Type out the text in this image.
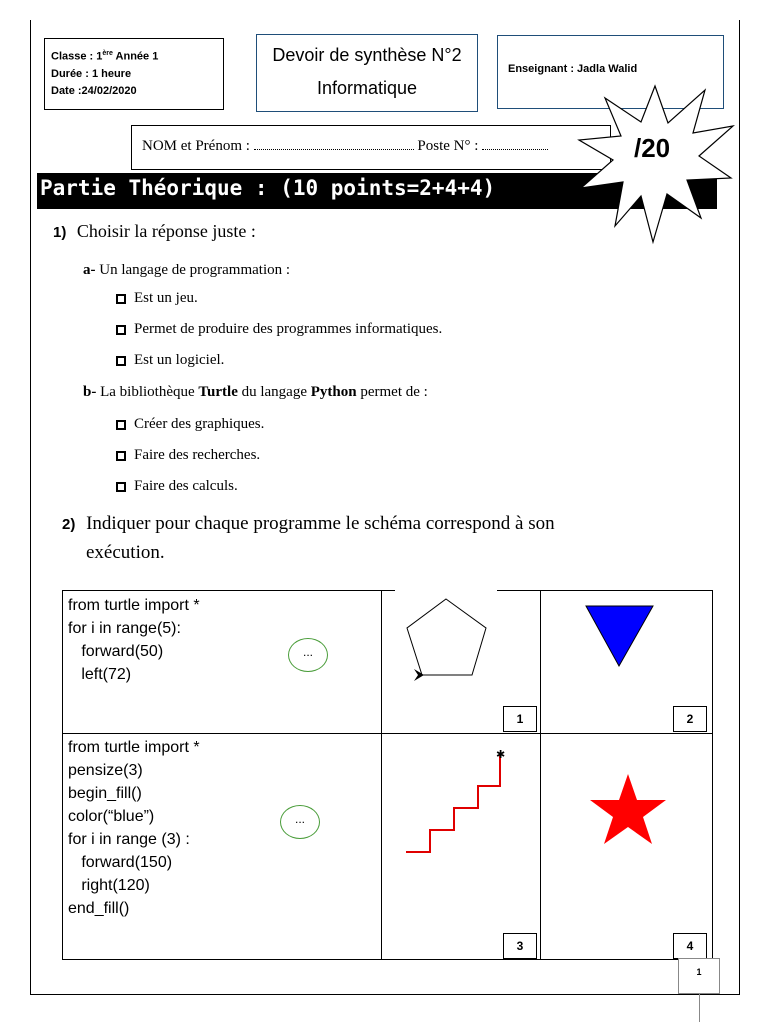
Classe : 1ère Année 1
Durée : 1 heure
Date :24/02/2020
Devoir de synthèse N°2
Informatique
Enseignant : Jadla Walid
NOM et Prénom :	Poste N° :
Partie Théorique : (10 points=2+4+4)
/20
1) Choisir la réponse juste :
a- Un langage de programmation :
Est un jeu.
Permet de produire des programmes informatiques.
Est un logiciel.
b- La bibliothèque Turtle du langage Python permet de :
Créer des graphiques.
Faire des recherches.
Faire des calculs.
2) Indiquer pour chaque programme le schéma correspond à son
exécution.
from turtle import *
for i in range(5):
forward(50)
left(72)
...
from turtle import *
pensize(3)
begin_fill()
color(“blue”)
for i in range (3) :
forward(150)
right(120)
end_fill()
...
1	2
✱
3	4
1
